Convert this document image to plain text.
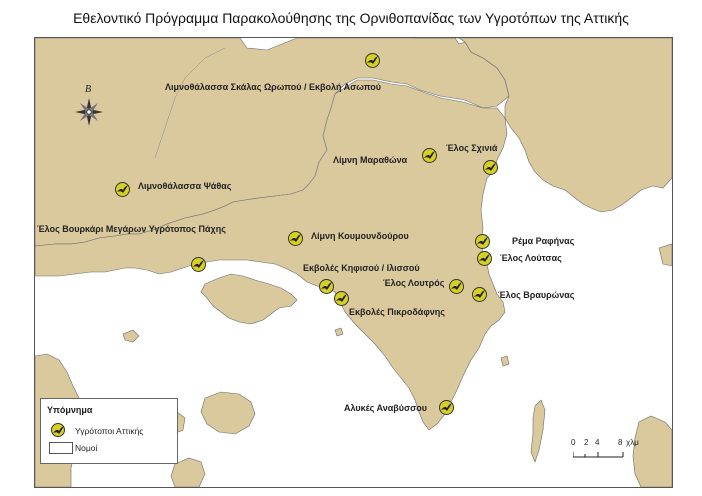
Εθελοντικό Πρόγραμμα Παρακολούθησης της Ορνιθοπανίδας των Υγροτόπων της Αττικής
Β	Λιμνοθάλασσα Σκάλας Ωρωπού / Εκβολή Ασωπού
Έλος Σχινιά
Λίμνη Μαραθώνα
Λιμνοθάλασσα Ψάθας
Έλος Βουρκάρι Μεγάρων Υγρότοπος Πάχης
Λίμνη Κουμουνδούρου	Ρέμα Ραφήνας
Έλος Λούτσας
Εκβολές Κηφισού / Ιλισσού
Έλος Λουτρός
Έλος Βραυρώνας
Εκβολές Πικροδάφνης
Αλυκές Αναβύσσου
0 2 4 8 χλμ
Υπόμνημα
Υγρότοποι Αττικής
Νομοί
